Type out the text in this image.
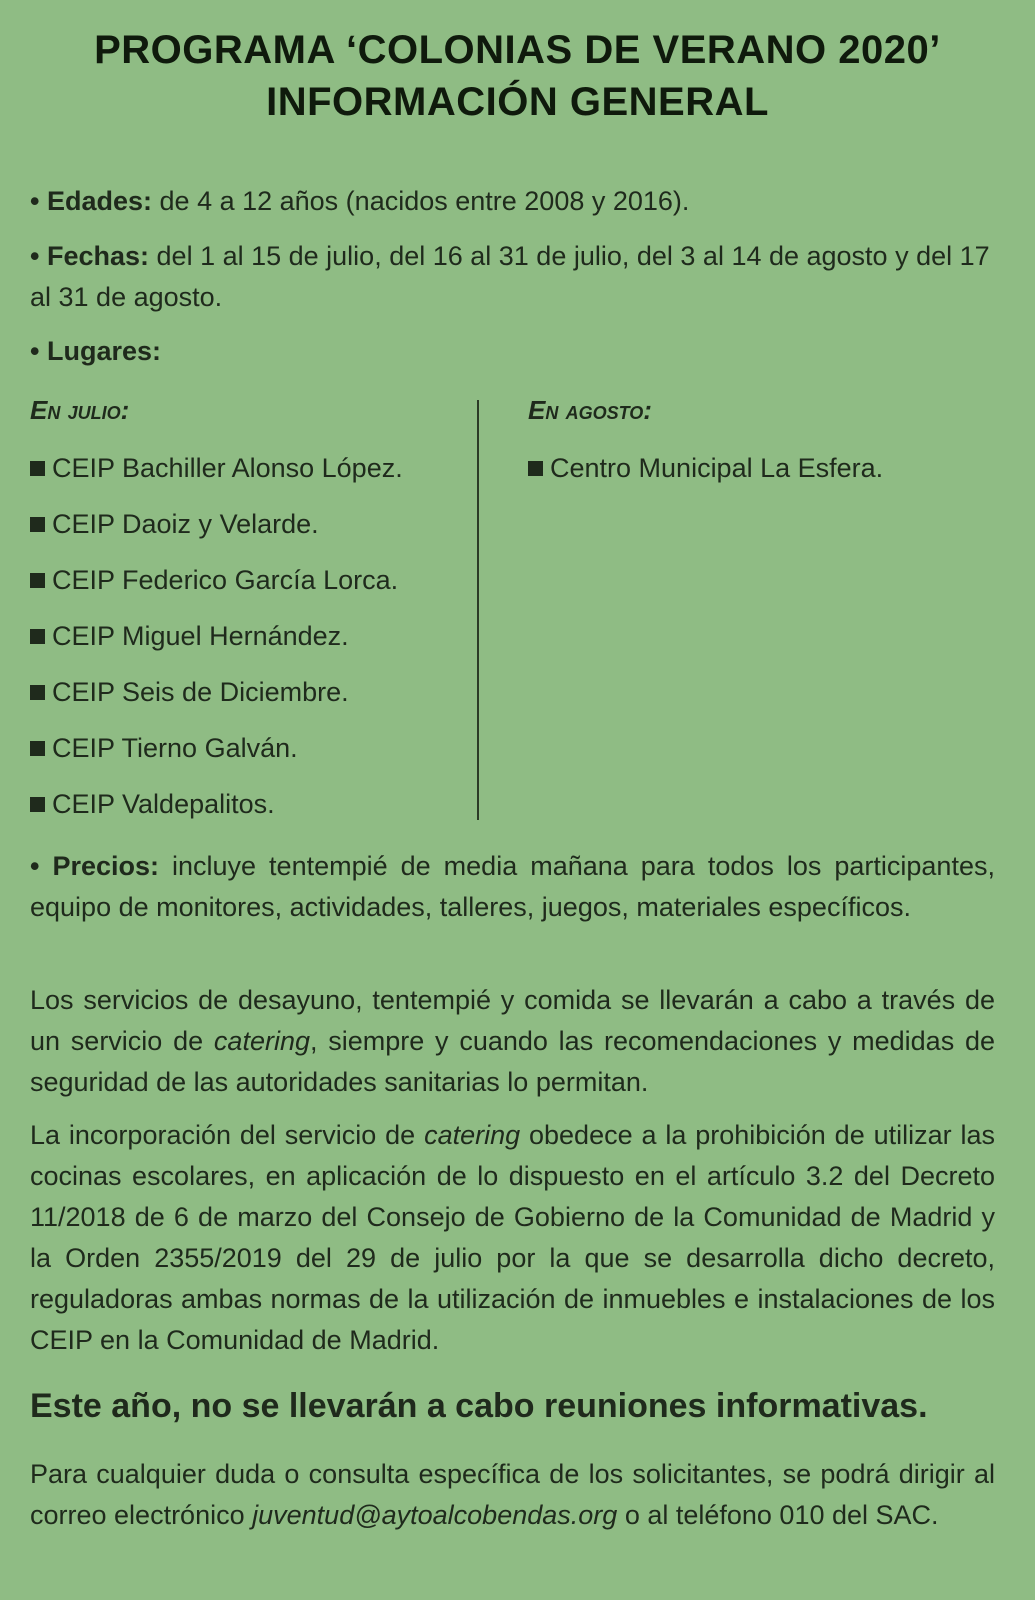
PROGRAMA ‘COLONIAS DE VERANO 2020’
INFORMACIÓN GENERAL

• Edades: de 4 a 12 años (nacidos entre 2008 y 2016).

• Fechas: del 1 al 15 de julio, del 16 al 31 de julio, del 3 al 14 de agosto y del 17 al 31 de agosto.

• Lugares:

En julio:

CEIP Bachiller Alonso López.
CEIP Daoiz y Velarde.
CEIP Federico García Lorca.
CEIP Miguel Hernández.
CEIP Seis de Diciembre.
CEIP Tierno Galván.
CEIP Valdepalitos.

En agosto:

Centro Municipal La Esfera.

• Precios: incluye tentempié de media mañana para todos los participantes, equipo de monitores, actividades, talleres, juegos, materiales específicos.

Los servicios de desayuno, tentempié y comida se llevarán a cabo a través de un servicio de catering, siempre y cuando las recomendaciones y medidas de seguridad de las autoridades sanitarias lo permitan.

La incorporación del servicio de catering obedece a la prohibición de utilizar las cocinas escolares, en aplicación de lo dispuesto en el artículo 3.2 del Decreto 11/2018 de 6 de marzo del Consejo de Gobierno de la Comunidad de Madrid y la Orden 2355/2019 del 29 de julio por la que se desarrolla dicho decreto, reguladoras ambas normas de la utilización de inmuebles e instalaciones de los CEIP en la Comunidad de Madrid.

Este año, no se llevarán a cabo reuniones informativas.

Para cualquier duda o consulta específica de los solicitantes, se podrá dirigir al correo electrónico juventud@aytoalcobendas.org o al teléfono 010 del SAC.
